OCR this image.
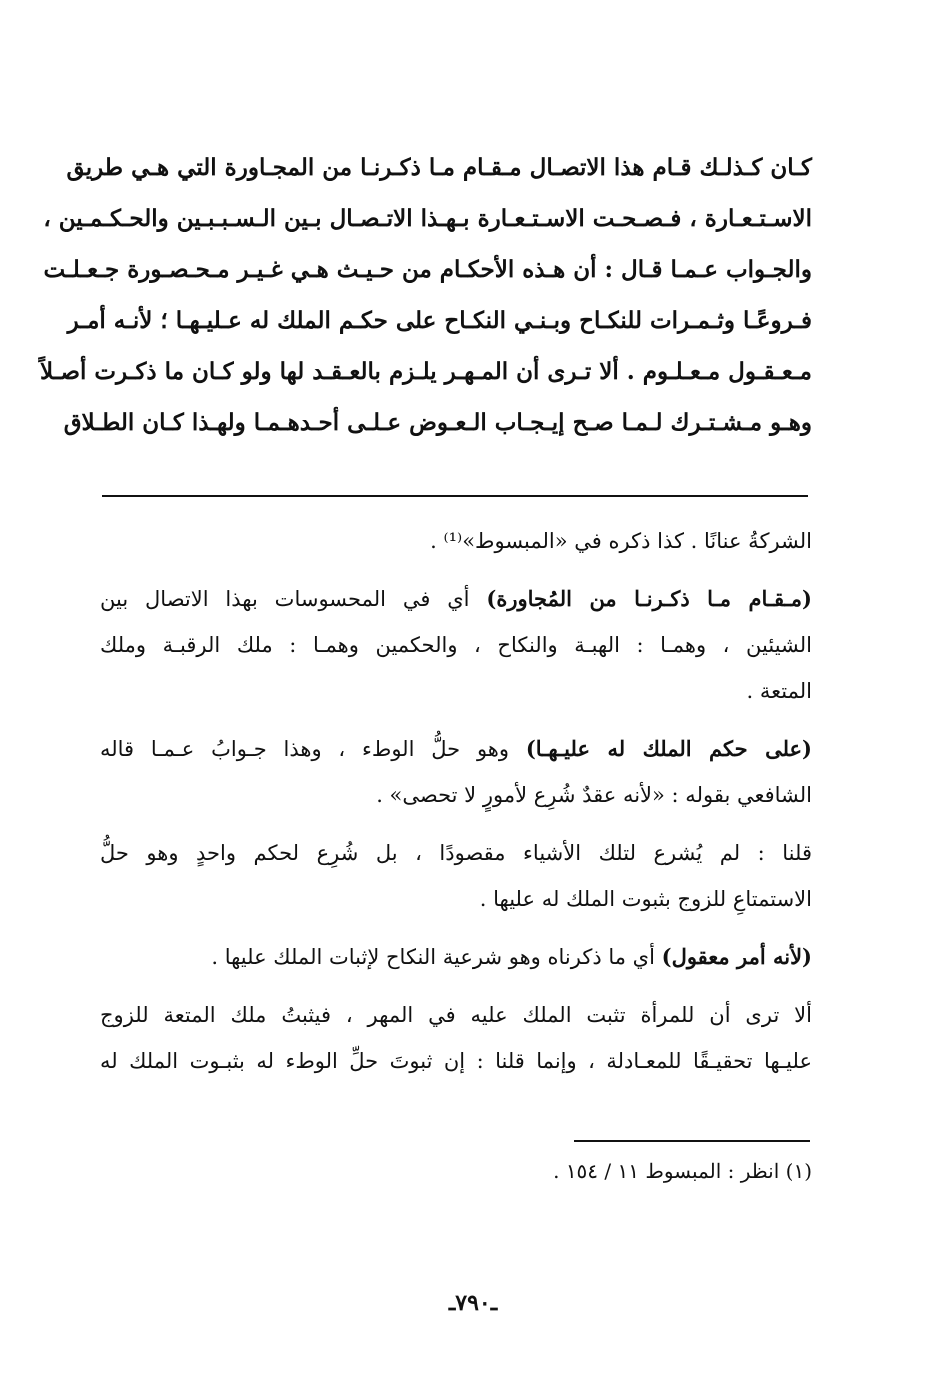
كـان كـذلـك قـام هذا الاتصـال مـقـام مـا ذكـرنـا من المجـاورة التي هـي طريق
الاسـتـعـارة ، فـصـحـت الاسـتـعـارة بـهـذا الاتـصـال بـين الـسـبـبـين والحـكـمـين ،
والجـواب عـمـا قـال : أن هـذه الأحكـام من حـيـث هـي غـيـر مـحـصـورة جـعـلـت
فـروعًـا وثـمـرات للنكـاح وبـنـي النكـاح على حكـم الملك له عـليـهـا ؛ لأنـه أمـر
مـعـقـول مـعـلـوم . ألا تـرى أن المـهـر يلـزم بالعـقـد لها ولو كـان ما ذكـرت أصـلاً
وهـو مـشـتـرك لـمـا صـح إيـجـاب الـعـوض عـلـى أحـدهـمـا ولهـذا كـان الطـلاق
الشركةُ عنانًا . كذا ذكره في «المبسوط»⁽¹⁾ .
(مـقـام مـا ذكـرنـا من المُجاورة) أي في المحسوسات بهذا الاتصال بين
الشيئين ، وهمـا : الهبـة والنكاح ، والحكمين وهمـا : ملك الرقبـة وملك
المتعة .
(على حكم الملك له عليـهـا) وهو حلُّ الوطء ، وهذا جـوابُ عـمـا قاله
الشافعي بقوله : «لأنه عقدٌ شُرِع لأمورٍ لا تحصى» .
قلنا : لم يُشرع لتلك الأشياء مقصودًا ، بل شُرِع لحكم واحدٍ وهو حلُّ
الاستمتاعِ للزوج بثبوت الملك له عليها .
(لأنه أمر معقول) أي ما ذكرناه وهو شرعية النكاح لإثبات الملك عليها .
ألا ترى أن للمرأة تثبت الملك عليه في المهر ، فيثبتُ ملك المتعة للزوج
عليـها تحقيـقًا للمعـادلة ، وإنما قلنا : إن ثبوتَ حلِّ الوطء له بثبـوت الملك له
(١) انظر : المبسوط ١١ / ١٥٤ .
ـ٧٩٠ـ
